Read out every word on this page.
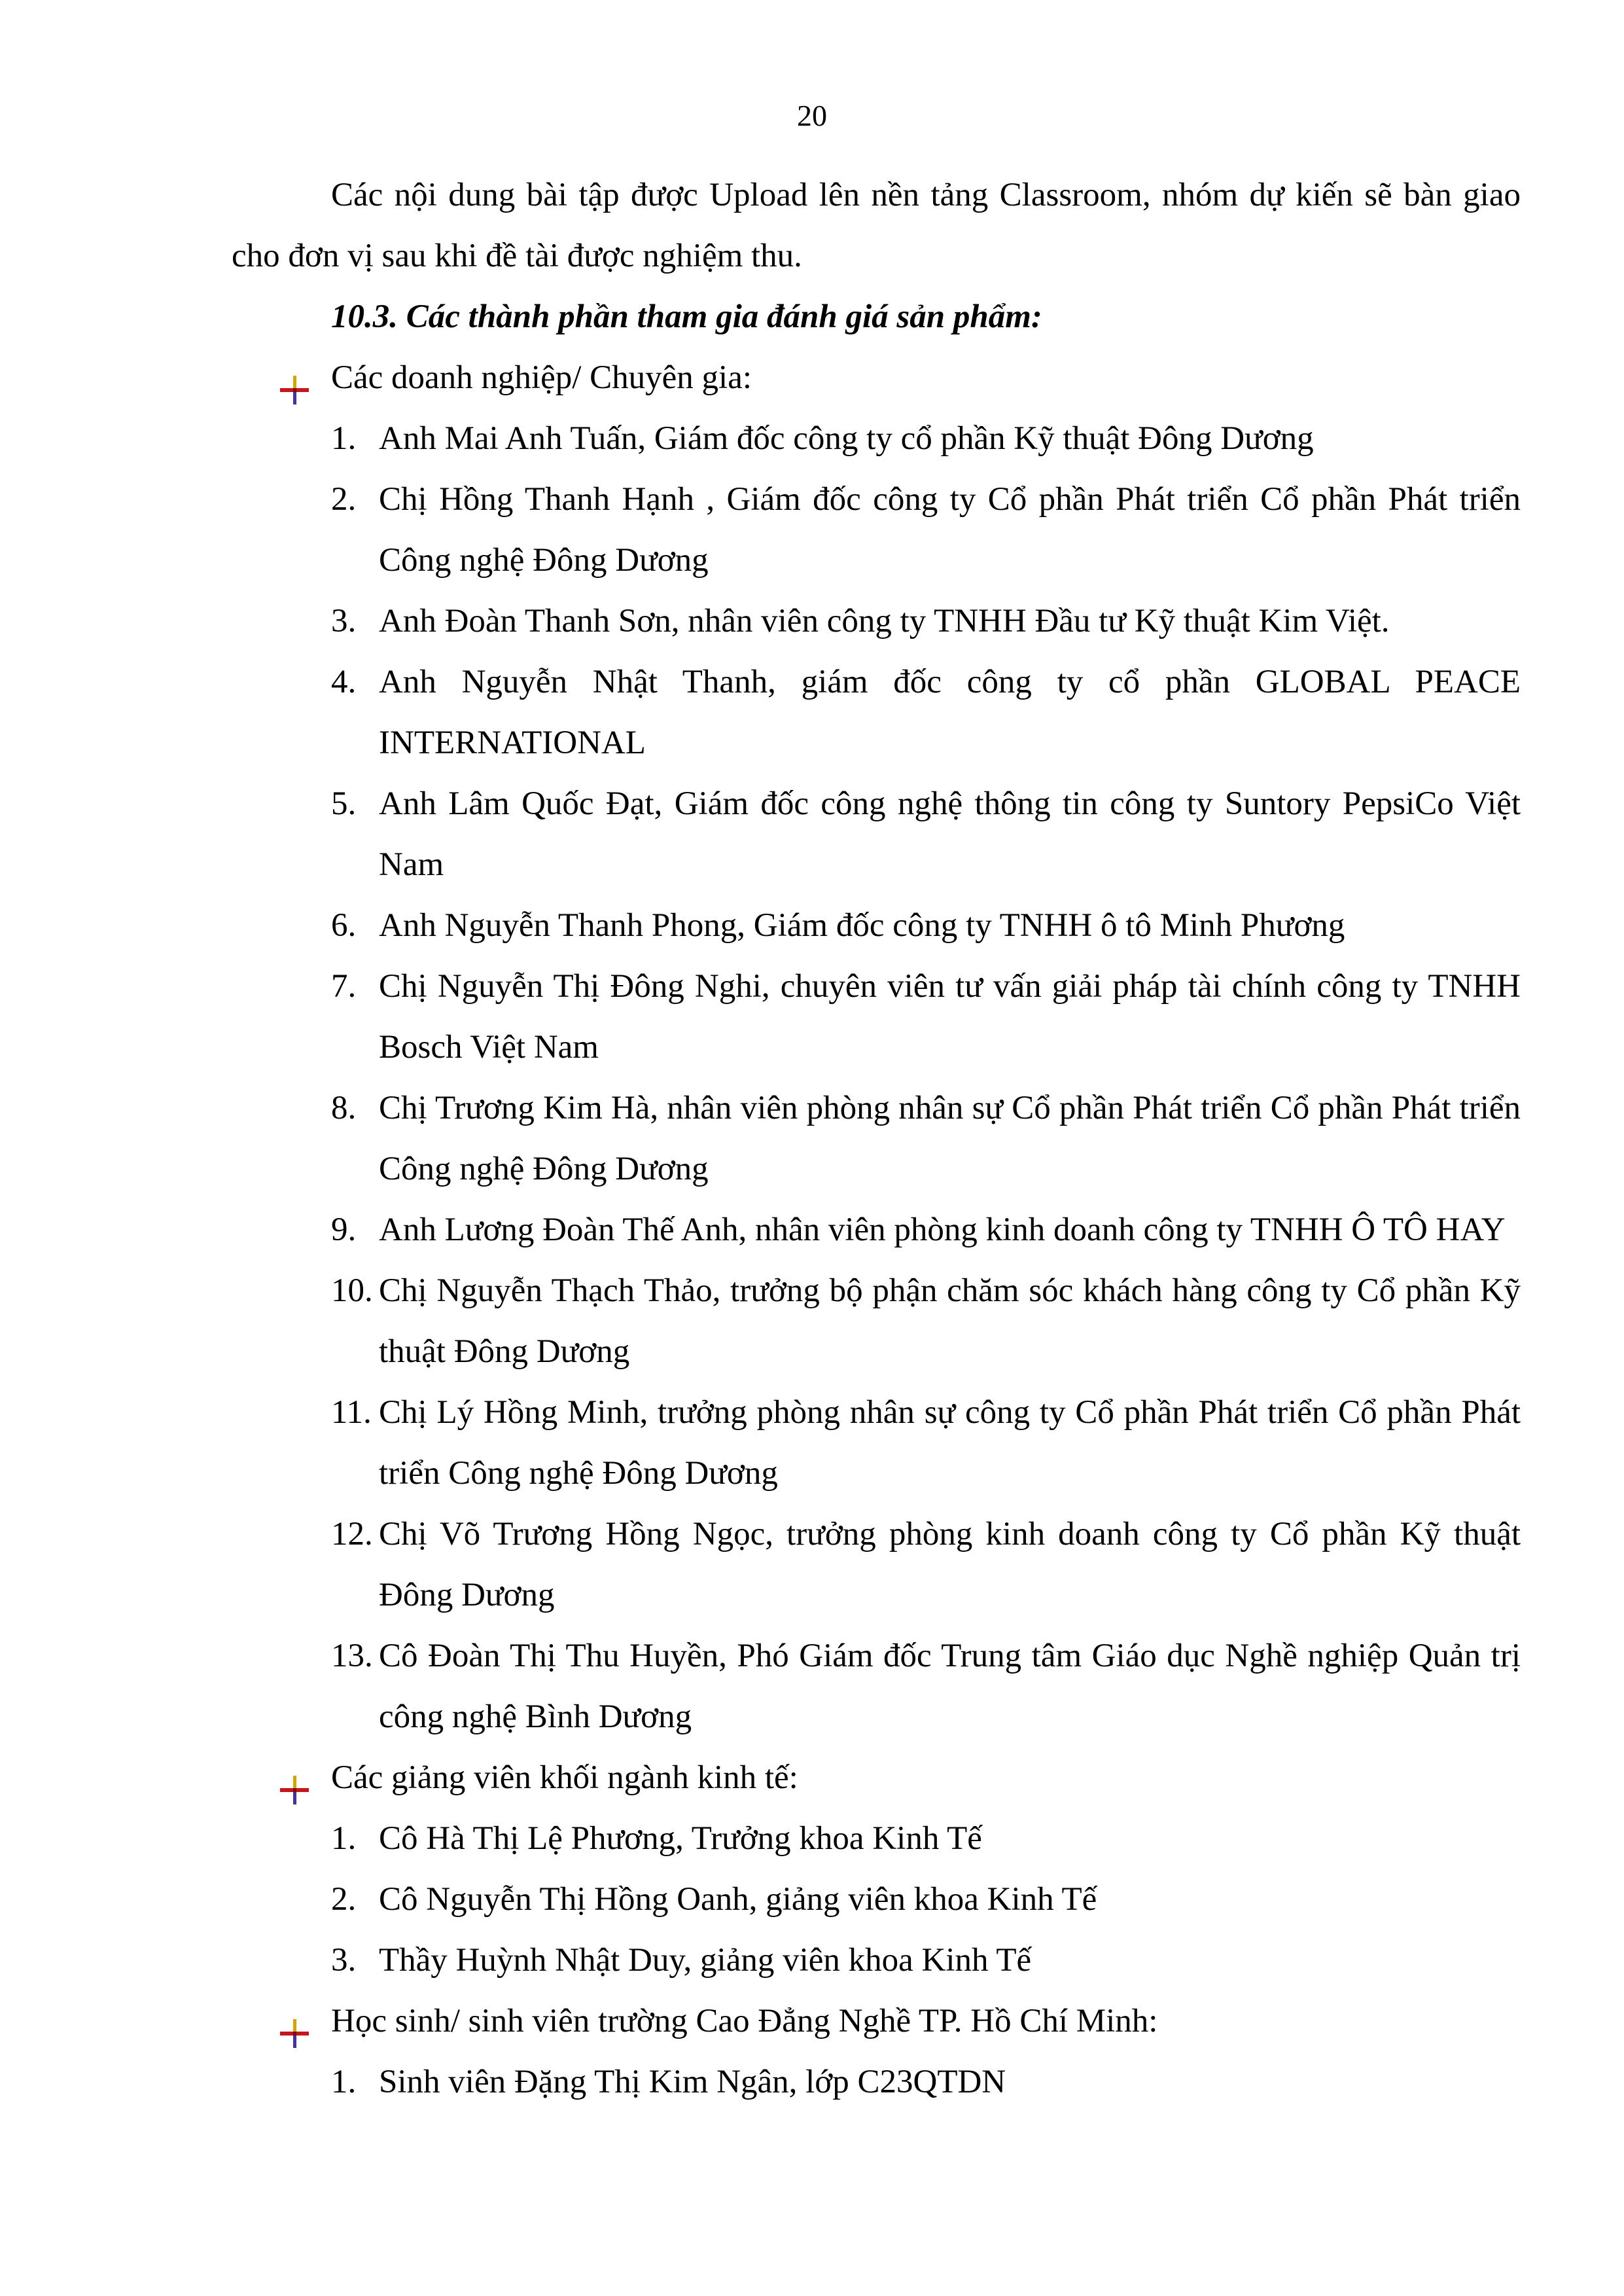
20
Các nội dung bài tập được Upload lên nền tảng Classroom, nhóm dự kiến sẽ bàn giao cho đơn vị sau khi đề tài được nghiệm thu.
10.3. Các thành phần tham gia đánh giá sản phẩm:
Các doanh nghiệp/ Chuyên gia:
1. Anh Mai Anh Tuấn, Giám đốc công ty cổ phần Kỹ thuật Đông Dương
2. Chị Hồng Thanh Hạnh , Giám đốc công ty Cổ phần Phát triển Cổ phần Phát triển Công nghệ Đông Dương
3. Anh Đoàn Thanh Sơn, nhân viên công ty TNHH Đầu tư Kỹ thuật Kim Việt.
4. Anh Nguyễn Nhật Thanh, giám đốc công ty cổ phần GLOBAL PEACE INTERNATIONAL
5. Anh Lâm Quốc Đạt, Giám đốc công nghệ thông tin công ty Suntory PepsiCo Việt Nam
6. Anh Nguyễn Thanh Phong, Giám đốc công ty TNHH ô tô Minh Phương
7. Chị Nguyễn Thị Đông Nghi, chuyên viên tư vấn giải pháp tài chính công ty TNHH Bosch Việt Nam
8. Chị Trương Kim Hà, nhân viên phòng nhân sự Cổ phần Phát triển Cổ phần Phát triển Công nghệ Đông Dương
9. Anh Lương Đoàn Thế Anh, nhân viên phòng kinh doanh công ty TNHH Ô TÔ HAY
10. Chị Nguyễn Thạch Thảo, trưởng bộ phận chăm sóc khách hàng công ty Cổ phần Kỹ thuật Đông Dương
11. Chị Lý Hồng Minh, trưởng phòng nhân sự công ty Cổ phần Phát triển Cổ phần Phát triển Công nghệ Đông Dương
12. Chị Võ Trương Hồng Ngọc, trưởng phòng kinh doanh công ty Cổ phần Kỹ thuật Đông Dương
13. Cô Đoàn Thị Thu Huyền, Phó Giám đốc Trung tâm Giáo dục Nghề nghiệp Quản trị công nghệ Bình Dương
Các giảng viên khối ngành kinh tế:
1. Cô Hà Thị Lệ Phương, Trưởng khoa Kinh Tế
2. Cô Nguyễn Thị Hồng Oanh, giảng viên khoa Kinh Tế
3. Thầy Huỳnh Nhật Duy, giảng viên khoa Kinh Tế
Học sinh/ sinh viên trường Cao Đẳng Nghề TP. Hồ Chí Minh:
1. Sinh viên Đặng Thị Kim Ngân, lớp C23QTDN
